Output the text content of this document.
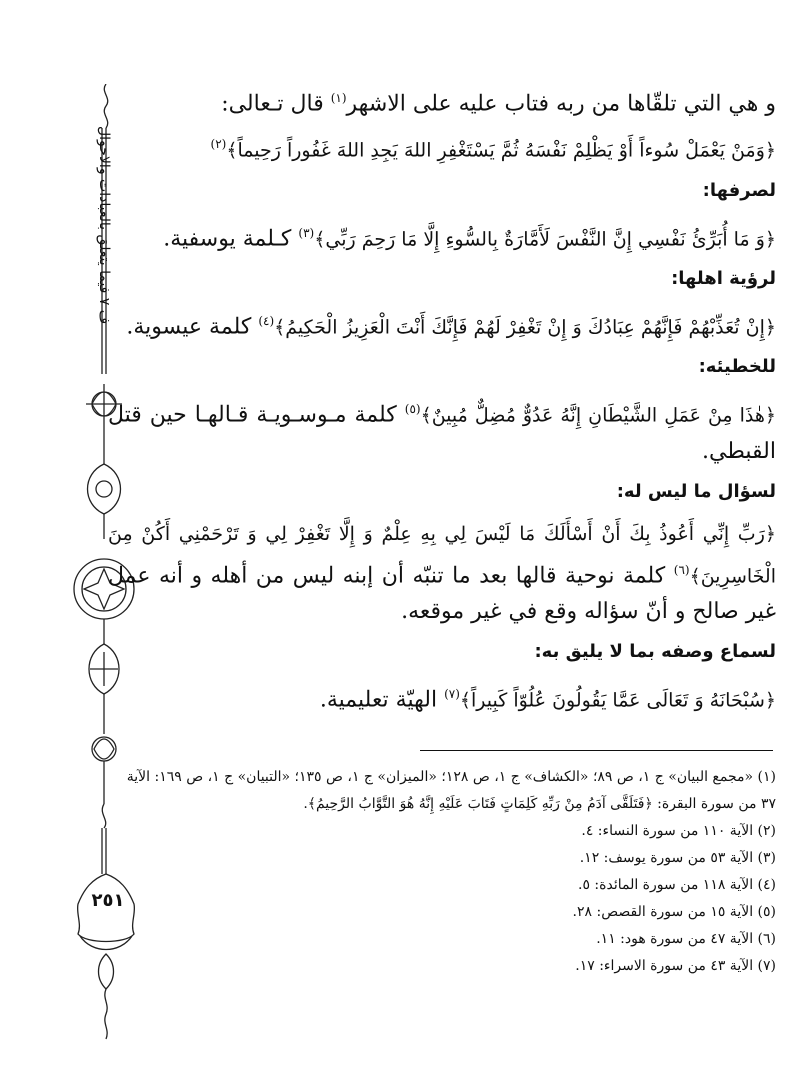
ف ٧ فيما يتعلق بالعبادات والاحوال
٢٥١

و هي التي تلقّاها من ربه فتاب عليه على الاشهر$^{(١)}$ قال تـعالى:

﴿وَمَنْ يَعْمَلْ سُوءاً أَوْ يَظْلِمْ نَفْسَهُ ثُمَّ يَسْتَغْفِرِ اللهَ يَجِدِ اللهَ غَفُوراً رَحِيماً﴾$^{(٢)}$

لصرفها:

﴿وَ مَا أُبَرِّئُ نَفْسِي إِنَّ النَّفْسَ لَأَمَّارَةٌ بِالسُّوءِ إِلَّا مَا رَحِمَ رَبِّي﴾$^{(٣)}$ كـلمة يوسفية.

لرؤية اهلها:

﴿إِنْ تُعَذِّبْهُمْ فَإِنَّهُمْ عِبَادُكَ وَ إِنْ تَغْفِرْ لَهُمْ فَإِنَّكَ أَنْتَ الْعَزِيزُ الْحَكِيمُ﴾$^{(٤)}$ كلمة عيسوية.

للخطيئه:

﴿هٰذَا مِنْ عَمَلِ الشَّيْطَانِ إِنَّهُ عَدُوٌّ مُضِلٌّ مُبِينٌ﴾$^{(٥)}$ كلمة مـوسـويـة قـالهـا حين قتل القبطي.

لسؤال ما ليس له:

﴿رَبِّ إِنِّي أَعُوذُ بِكَ أَنْ أَسْأَلَكَ مَا لَيْسَ لِي بِهِ عِلْمٌ وَ إِلَّا تَغْفِرْ لِي وَ تَرْحَمْنِي أَكُنْ مِنَ الْخَاسِرِينَ﴾$^{(٦)}$ كلمة نوحية قالها بعد ما تنبّه أن إبنه ليس من أهله و أنه عمل غير صالح و أنّ سؤاله وقع في غير موقعه.

لسماع وصفه بما لا يليق به:

﴿سُبْحَانَهُ وَ تَعَالَى عَمَّا يَقُولُونَ عُلُوّاً كَبِيراً﴾$^{(٧)}$ الهيّة تعليمية.

(١) «مجمع البيان» ج ١، ص ٨٩؛ «الكشاف» ج ١، ص ١٢٨؛ «الميزان» ج ١، ص ١٣٥؛ «التبيان» ج ١، ص ١٦٩: الآية ٣٧ من سورة البقرة: ﴿فَتَلَقَّى آدَمُ مِنْ رَبِّهِ كَلِمَاتٍ فَتَابَ عَلَيْهِ إِنَّهُ هُوَ التَّوَّابُ الرَّحِيمُ﴾.

(٢) الآية ١١٠ من سورة النساء: ٤.

(٣) الآية ٥٣ من سورة يوسف: ١٢.

(٤) الآية ١١٨ من سورة المائدة: ٥.

(٥) الآية ١٥ من سورة القصص: ٢٨.

(٦) الآية ٤٧ من سورة هود: ١١.

(٧) الآية ٤٣ من سورة الاسراء: ١٧.
